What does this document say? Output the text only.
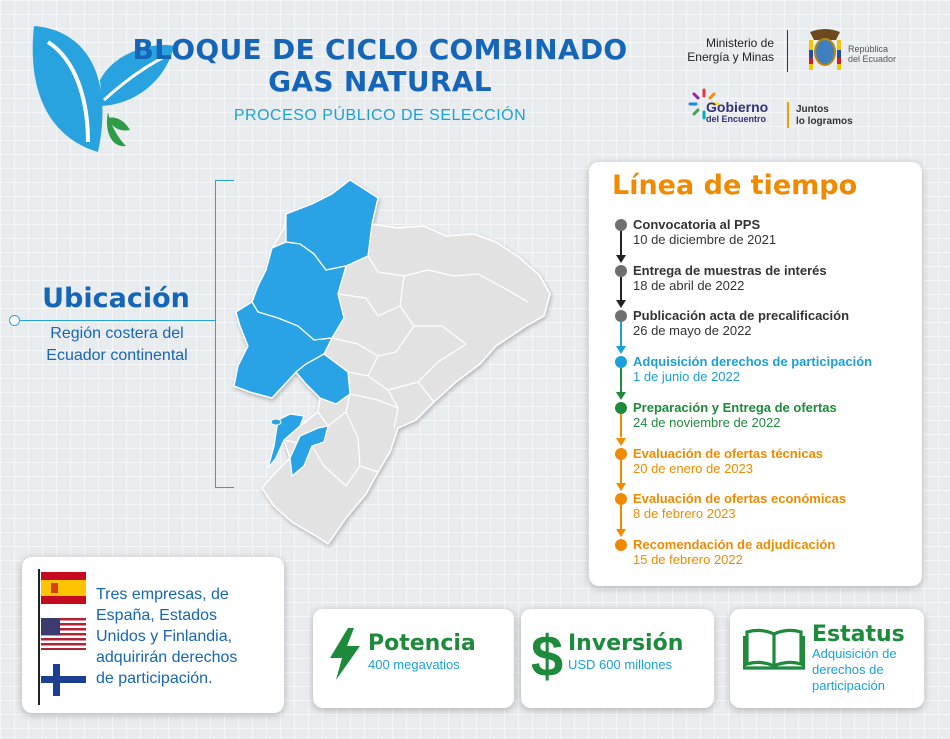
BLOQUE DE CICLO COMBINADO
GAS NATURAL
PROCESO PÚBLICO DE SELECCIÓN
Ministerio de
Energía y Minas
República
del Ecuador
Gobierno
del Encuentro
Juntos
lo logramos
Ubicación
Región costera del
Ecuador continental
Línea de tiempo
Convocatoria al PPS
10 de diciembre de 2021
Entrega de muestras de interés
18 de abril de 2022
Publicación acta de precalificación
26 de mayo de 2022
Adquisición derechos de participación
1 de junio de 2022
Preparación y Entrega de ofertas
24 de noviembre de 2022
Evaluación de ofertas técnicas
20 de enero de 2023
Evaluación de ofertas económicas
8 de febrero 2023
Recomendación de adjudicación
15 de febrero 2022
Tres empresas, de
España, Estados
Unidos y Finlandia,
adquirirán derechos
de participación.
Potencia
400 megavatios $ Inversión
USD 600 millones
Estatus
Adquisición de
derechos de
participación
